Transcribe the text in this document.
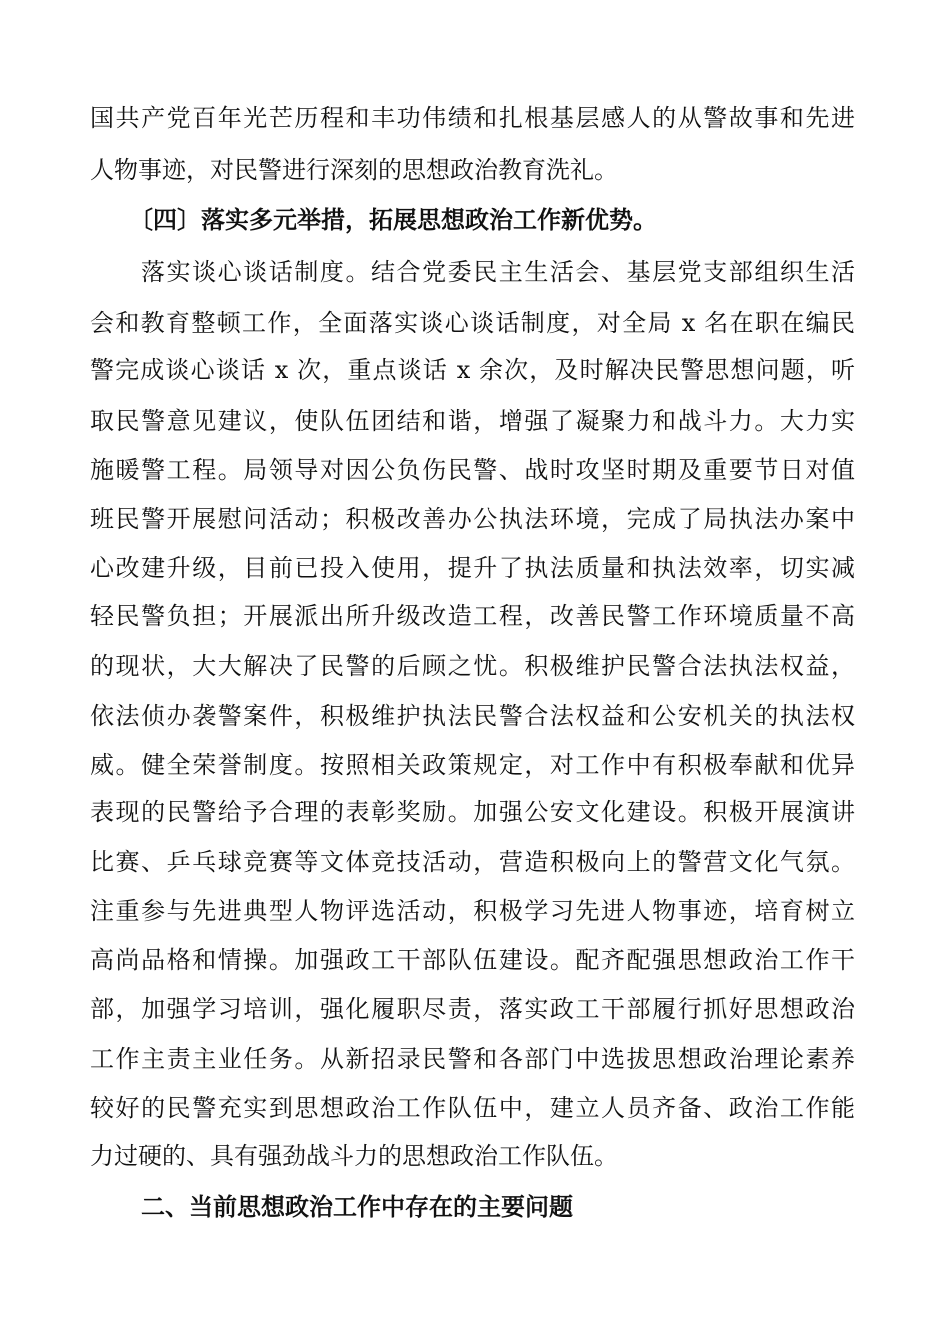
国共产党百年光芒历程和丰功伟绩和扎根基层感人的从警故事和先进
人物事迹，对民警进行深刻的思想政治教育洗礼。
〔四〕落实多元举措，拓展思想政治工作新优势。
落实谈心谈话制度。结合党委民主生活会、基层党支部组织生活
会和教育整顿工作，全面落实谈心谈话制度，对全局 x 名在职在编民
警完成谈心谈话 x 次，重点谈话 x 余次，及时解决民警思想问题，听
取民警意见建议，使队伍团结和谐，增强了凝聚力和战斗力。大力实
施暖警工程。局领导对因公负伤民警、战时攻坚时期及重要节日对值
班民警开展慰问活动；积极改善办公执法环境，完成了局执法办案中
心改建升级，目前已投入使用，提升了执法质量和执法效率，切实减
轻民警负担；开展派出所升级改造工程，改善民警工作环境质量不高
的现状，大大解决了民警的后顾之忧。积极维护民警合法执法权益，
依法侦办袭警案件，积极维护执法民警合法权益和公安机关的执法权
威。健全荣誉制度。按照相关政策规定，对工作中有积极奉献和优异
表现的民警给予合理的表彰奖励。加强公安文化建设。积极开展演讲
比赛、乒乓球竞赛等文体竞技活动，营造积极向上的警营文化气氛。
注重参与先进典型人物评选活动，积极学习先进人物事迹，培育树立
高尚品格和情操。加强政工干部队伍建设。配齐配强思想政治工作干
部，加强学习培训，强化履职尽责，落实政工干部履行抓好思想政治
工作主责主业任务。从新招录民警和各部门中选拔思想政治理论素养
较好的民警充实到思想政治工作队伍中，建立人员齐备、政治工作能
力过硬的、具有强劲战斗力的思想政治工作队伍。
二、当前思想政治工作中存在的主要问题
